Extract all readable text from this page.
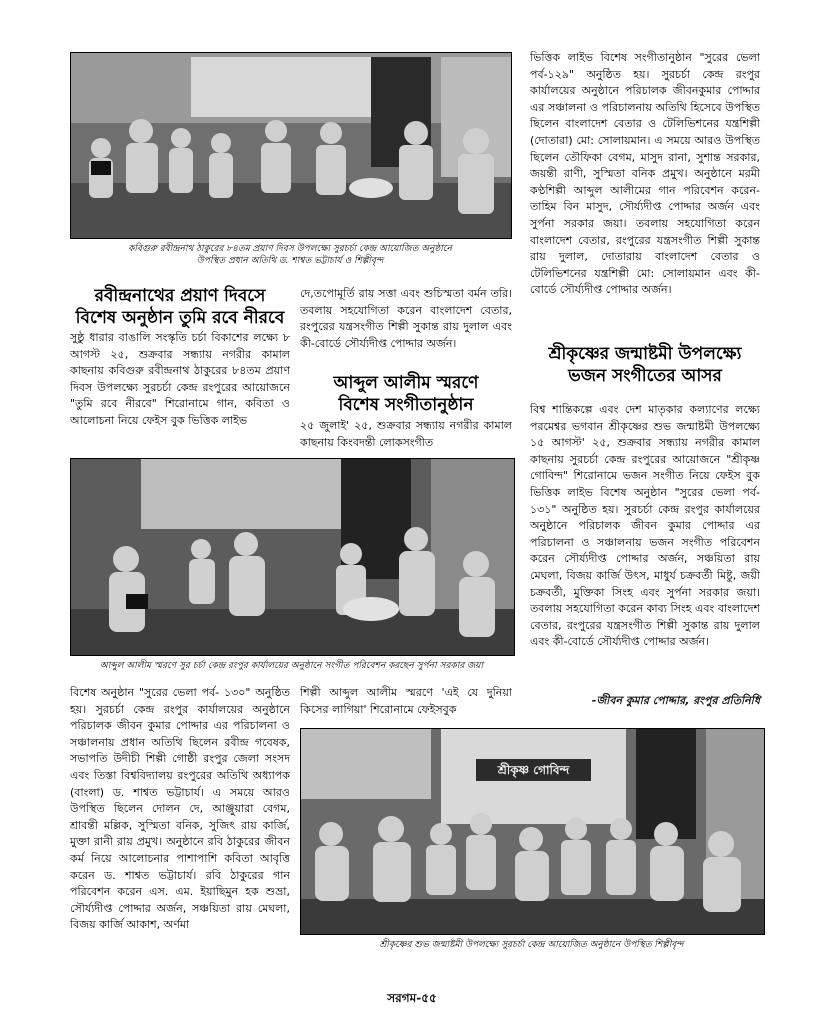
কবিগুরু রবীন্দ্রনাথ ঠাকুরের ৮৪তম প্রয়াণ দিবস উপলক্ষ্যে সুরচর্চা কেন্দ্র আয়োজিত অনুষ্ঠানে
উপস্থিত প্রধান অতিথি ড. শাশ্বত ভট্টাচার্য ও শিল্পীবৃন্দ
রবীন্দ্রনাথের প্রয়াণ দিবসে
বিশেষ অনুষ্ঠান তুমি রবে নীরবে
সুষ্ঠু ধারার বাঙালি সংস্কৃতি চর্চা বিকাশের লক্ষ্যে ৮ আগস্ট ২৫, শুক্রবার সন্ধ্যায় নগরীর কামাল কাছনায় কবিগুরু রবীন্দ্রনাথ ঠাকুরের ৮৪তম প্রয়াণ দিবস উপলক্ষ্যে সুরচর্চা কেন্দ্র রংপুরের আয়োজনে "তুমি রবে নীরবে" শিরোনামে গান, কবিতা ও আলোচনা নিয়ে ফেইস বুক ভিত্তিক লাইভ
দে,তপোমূর্তি রায় সত্তা এবং শুচিস্মতা বর্মন তরি। তবলায় সহযোগিতা করেন বাংলাদেশ বেতার, রংপুরের যন্ত্রসংগীত শিল্পী সুকান্ত রায় দুলাল এবং কী-বোর্ডে সৌর্য্যদীপ্ত পোদ্দার অর্জন।
আব্দুল আলীম স্মরণে
বিশেষ সংগীতানুষ্ঠান
২৫ জুলাই' ২৫, শুক্রবার সন্ধ্যায় নগরীর কামাল কাছনায় কিংবদন্তী লোকসংগীত
আব্দুল আলীম স্মরণে সুর চর্চা কেন্দ্র রংপুর কার্যালয়ের অনুষ্ঠানে সংগীত পরিবেশন করছেন সুর্পনা সরকার জয়া
বিশেষ অনুষ্ঠান "সুরের ভেলা পর্ব- ১৩০" অনুষ্ঠিত হয়। সুরচর্চা কেন্দ্র রংপুর কার্যালয়ের অনুষ্ঠানে পরিচালক জীবন কুমার পোদ্দার এর পরিচালনা ও সঞ্চালনায় প্রধান অতিথি ছিলেন রবীন্দ্র গবেষক, সভাপতি উদীচী শিল্পী গোষ্ঠী রংপুর জেলা সংসদ এবং তিস্তা বিশ্ববিদ্যালয় রংপুরের অতিথি অধ্যাপক (বাংলা) ড. শাশ্বত ভট্টাচার্য। এ সময়ে আরও উপস্থিত ছিলেন দোলন দে, আঞ্জুয়ারা বেগম, শ্রাবন্তী মল্লিক, সুস্মিতা বনিক, সুজিৎ রায় কার্জি, মুক্তা রানী রায় প্রমুখ। অনুষ্ঠানে রবি ঠাকুরের জীবন কর্ম নিয়ে আলোচনার পাশাপাশি কবিতা আবৃত্তি করেন ড. শাশ্বত ভট্টাচার্য। রবি ঠাকুরের গান পরিবেশন করেন এস. এম. ইয়াছিমুন হক শুভ্রা, সৌর্য্যদীপ্ত পোদ্দার অর্জন, সঞ্চয়িতা রায় মেঘলা, বিজয় কার্জি আকাশ, অর্ণমা
শিল্পী আব্দুল আলীম স্মরণে 'এই যে দুনিয়া কিসের লাগিয়া' শিরোনামে ফেইসবুক
ভিত্তিক লাইভ বিশেষ সংগীতানুষ্ঠান "সুরের ভেলা পর্ব-১২৯" অনুষ্ঠিত হয়। সুরচর্চা কেন্দ্র রংপুর কার্যালয়ের অনুষ্ঠানে পরিচালক জীবনকুমার পোদ্দার এর সঞ্চালনা ও পরিচালনায় অতিথি হিসেবে উপস্থিত ছিলেন বাংলাদেশ বেতার ও টেলিভিশনের যন্ত্রশিল্পী (দোতারা) মো: সোলায়মান। এ সময়ে আরও উপস্থিত ছিলেন তৌফিকা বেগম, মাসুদ রানা, সুশান্ত সরকার, জয়ন্তী রাণী, সুস্মিতা বনিক প্রমুখ। অনুষ্ঠানে মরমী কণ্ঠশিল্পী আব্দুল আলীমের গান পরিবেশন করেন- তাহিম বিন মাসুদ, সৌর্য্যদীপ্ত পোদ্দার অর্জন এবং সুর্পনা সরকার জয়া। তবলায় সহযোগিতা করেন বাংলাদেশ বেতার, রংপুরের যন্ত্রসংগীত শিল্পী সুকান্ত রায় দুলাল, দোতারায় বাংলাদেশ বেতার ও টেলিভিশনের যন্ত্রশিল্পী মো: সোলায়মান এবং কী-বোর্ডে সৌর্য্যদীপ্ত পোদ্দার অর্জন।
শ্রীকৃষ্ণের জন্মাষ্টমী উপলক্ষ্যে
ভজন সংগীতের আসর
বিশ্ব শান্তিকল্পে এবং দেশ মাতৃকার কল্যাণের লক্ষ্যে পরমেশ্বর ভগবান শ্রীকৃষ্ণের শুভ জন্মাষ্টমী উপলক্ষ্যে ১৫ আগস্ট' ২৫, শুক্রবার সন্ধ্যায় নগরীর কামাল কাছনায় সুরচর্চা কেন্দ্র রংপুরের আয়োজনে "শ্রীকৃষ্ণ গোবিন্দ" শিরোনামে ভজন সংগীত নিয়ে ফেইস বুক ভিত্তিক লাইভ বিশেষ অনুষ্ঠান "সুরের ভেলা পর্ব- ১৩১" অনুষ্ঠিত হয়। সুরচর্চা কেন্দ্র রংপুর কার্যালয়ের অনুষ্ঠানে পরিচালক জীবন কুমার পোদ্দার এর পরিচালনা ও সঞ্চালনায় ভজন সংগীত পরিবেশন করেন সৌর্য্যদীপ্ত পোদ্দার অর্জন, সঞ্চয়িতা রায় মেঘলা, বিজয় কার্জি উৎস, মাধুর্য চক্রবর্তী মিষ্টু, জয়ী চক্রবর্তী, মুক্তিকা সিংহ এবং সুর্পনা সরকার জয়া। তবলায় সহযোগিতা করেন কাব্য সিংহ এবং বাংলাদেশ বেতার, রংপুরের যন্ত্রসংগীত শিল্পী সুকান্ত রায় দুলাল এবং কী-বোর্ডে সৌর্য্যদীপ্ত পোদ্দার অর্জন।
-জীবন কুমার পোদ্দার, রংপুর প্রতিনিধি
শ্রীকৃষ্ণ গোবিন্দ
শ্রীকৃষ্ণের শুভ জন্মাষ্টমী উপলক্ষ্যে সুরচর্চা কেন্দ্র আয়োজিত অনুষ্ঠানে উপস্থিত শিল্পীবৃন্দ
সরগম-৫৫
